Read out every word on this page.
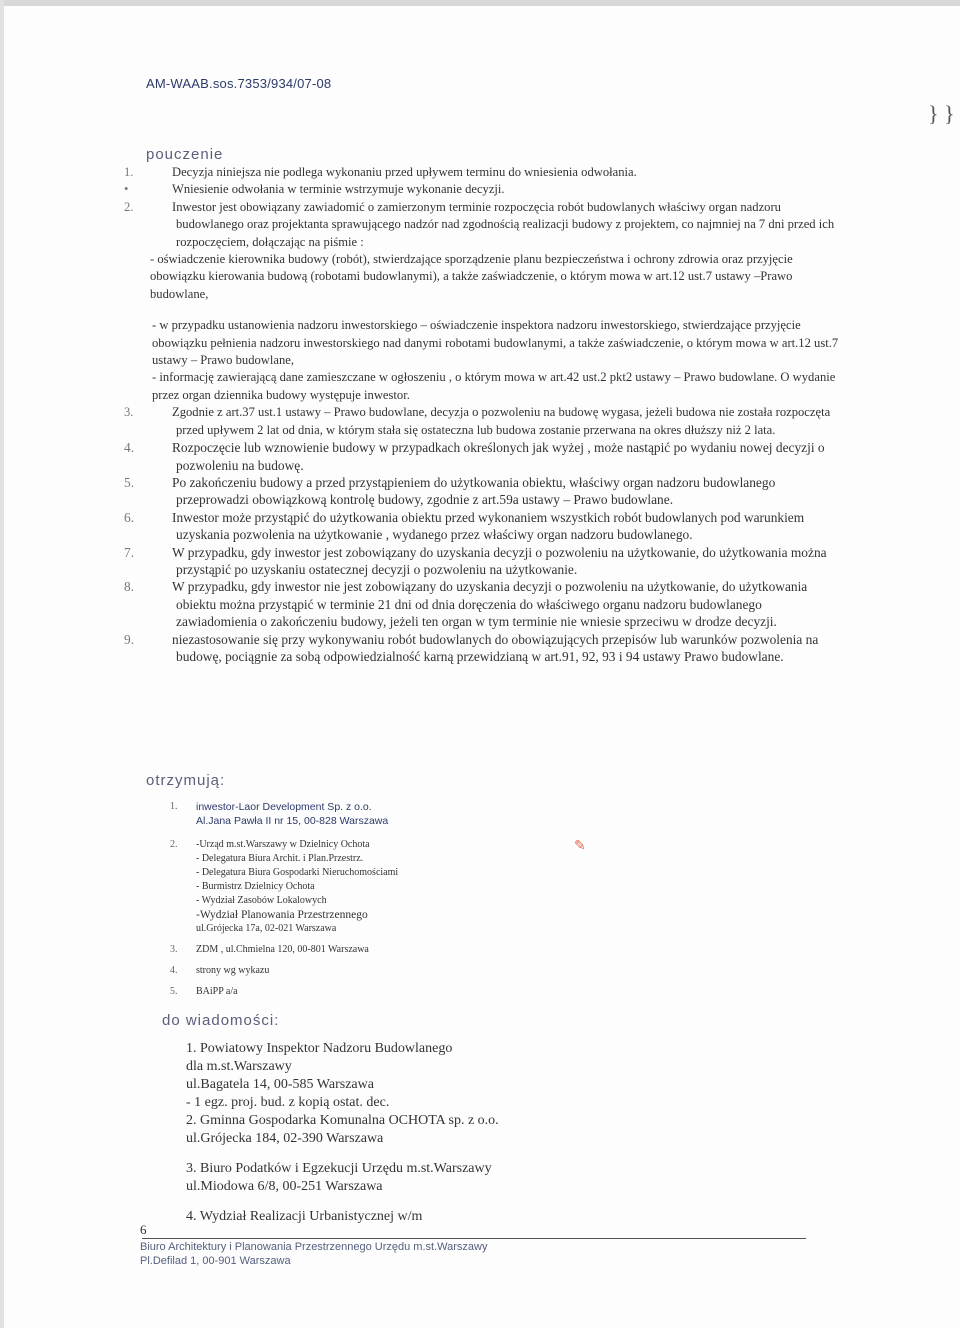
AM-WAAB.sos.7353/934/07-08
} }
pouczenie

1.	Decyzja niniejsza nie podlega wykonaniu przed upływem terminu do wniesienia odwołania.

•	Wniesienie odwołania w terminie wstrzymuje wykonanie decyzji.

2.	Inwestor jest obowiązany zawiadomić o zamierzonym terminie rozpoczęcia robót budowlanych właściwy organ nadzoru budowlanego oraz projektanta sprawującego nadzór nad zgodnością realizacji budowy z projektem, co najmniej na 7 dni przed ich rozpoczęciem, dołączając na piśmie :

- oświadczenie kierownika budowy (robót), stwierdzające sporządzenie planu bezpieczeństwa i ochrony zdrowia oraz przyjęcie obowiązku kierowania budową (robotami budowlanymi), a także zaświadczenie, o którym mowa w art.12 ust.7 ustawy –Prawo budowlane,

- w przypadku ustanowienia nadzoru inwestorskiego – oświadczenie inspektora nadzoru inwestorskiego, stwierdzające przyjęcie obowiązku pełnienia nadzoru inwestorskiego nad danymi robotami budowlanymi, a także zaświadczenie, o którym mowa w art.12 ust.7 ustawy – Prawo budowlane,

- informację zawierającą dane zamieszczane w ogłoszeniu , o którym mowa w art.42 ust.2 pkt2 ustawy – Prawo budowlane. O wydanie przez organ dziennika budowy występuje inwestor.

3.	Zgodnie z art.37 ust.1 ustawy – Prawo budowlane, decyzja o pozwoleniu na budowę wygasa, jeżeli budowa nie została rozpoczęta przed upływem 2 lat od dnia, w którym stała się ostateczna lub budowa zostanie przerwana na okres dłuższy niż 2 lata.

4.	Rozpoczęcie lub wznowienie budowy w przypadkach określonych jak wyżej , może nastąpić po wydaniu nowej decyzji o pozwoleniu na budowę.

5.	Po zakończeniu budowy a przed przystąpieniem do użytkowania obiektu, właściwy organ nadzoru budowlanego przeprowadzi obowiązkową kontrolę budowy, zgodnie z art.59a ustawy – Prawo budowlane.

6.	Inwestor może przystąpić do użytkowania obiektu przed wykonaniem wszystkich robót budowlanych pod warunkiem uzyskania pozwolenia na użytkowanie , wydanego przez właściwy organ nadzoru budowlanego.

7.	W przypadku, gdy inwestor jest zobowiązany do uzyskania decyzji o pozwoleniu na użytkowanie, do użytkowania można przystąpić po uzyskaniu ostatecznej decyzji o pozwoleniu na użytkowanie.

8.	W przypadku, gdy inwestor nie jest zobowiązany do uzyskania decyzji o pozwoleniu na użytkowanie, do użytkowania obiektu można przystąpić w terminie 21 dni od dnia doręczenia do właściwego organu nadzoru budowlanego zawiadomienia o zakończeniu budowy, jeżeli ten organ w tym terminie nie wniesie sprzeciwu w drodze decyzji.

9.	niezastosowanie się przy wykonywaniu robót budowlanych do obowiązujących przepisów lub warunków pozwolenia na budowę, pociągnie za sobą odpowiedzialność karną przewidzianą w art.91, 92, 93 i 94 ustawy Prawo budowlane.

otrzymują:
1.	inwestor-Laor Development Sp. z o.o.
Al.Jana Pawła II nr 15, 00-828 Warszawa
2.	-Urząd m.st.Warszawy w Dzielnicy Ochota
- Delegatura Biura Archit. i Plan.Przestrz.
- Delegatura Biura Gospodarki Nieruchomościami
- Burmistrz Dzielnicy Ochota
- Wydział Zasobów Lokalowych
-Wydział Planowania Przestrzennego
ul.Grójecka 17a, 02-021 Warszawa
3.	ZDM , ul.Chmielna 120, 00-801 Warszawa
4.	strony wg wykazu
5.	BAiPP a/a
✎
do wiadomości:
1. Powiatowy Inspektor Nadzoru Budowlanego
dla m.st.Warszawy
ul.Bagatela 14, 00-585 Warszawa
- 1 egz. proj. bud. z kopią ostat. dec.
2. Gminna Gospodarka Komunalna OCHOTA sp. z o.o.
ul.Grójecka 184, 02-390 Warszawa
3. Biuro Podatków i Egzekucji Urzędu m.st.Warszawy
ul.Miodowa 6/8, 00-251 Warszawa
4. Wydział Realizacji Urbanistycznej w/m
6
Biuro Architektury i Planowania Przestrzennego Urzędu m.st.Warszawy
Pl.Defilad 1, 00-901 Warszawa
